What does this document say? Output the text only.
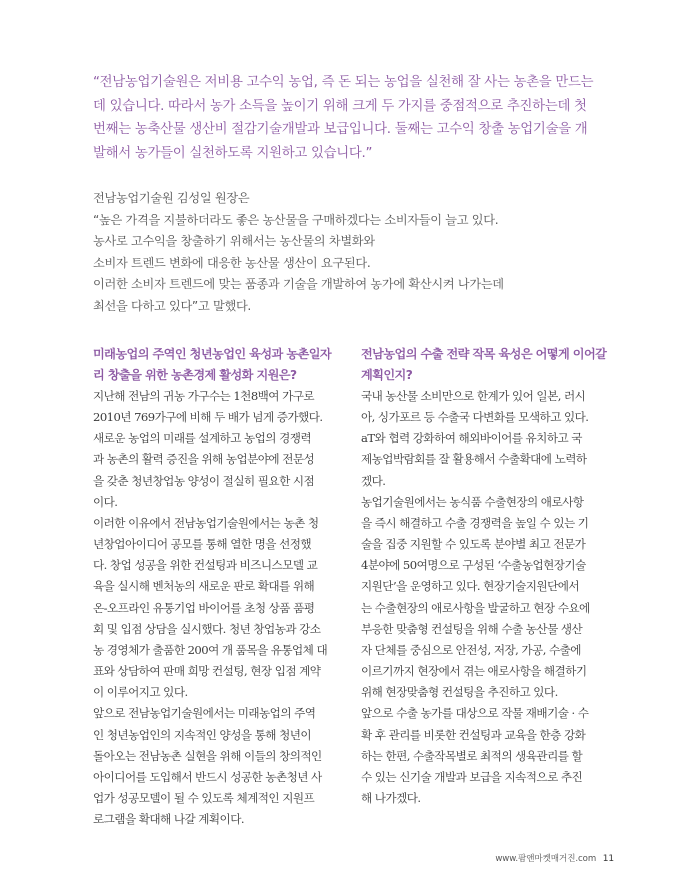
“전남농업기술원은 저비용 고수익 농업, 즉 돈 되는 농업을 실천해 잘 사는 농촌을 만드는
데 있습니다. 따라서 농가 소득을 높이기 위해 크게 두 가지를 중점적으로 추진하는데 첫
번째는 농축산물 생산비 절감기술개발과 보급입니다. 둘째는 고수익 창출 농업기술을 개
발해서 농가들이 실천하도록 지원하고 있습니다.”
전남농업기술원 김성일 원장은
“높은 가격을 지불하더라도 좋은 농산물을 구매하겠다는 소비자들이 늘고 있다.
농사로 고수익을 창출하기 위해서는 농산물의 차별화와
소비자 트렌드 변화에 대응한 농산물 생산이 요구된다.
이러한 소비자 트렌드에 맞는 품종과 기술을 개발하여 농가에 확산시켜 나가는데
최선을 다하고 있다”고 말했다.
미래농업의 주역인 청년농업인 육성과 농촌일자
리 창출을 위한 농촌경제 활성화 지원은?
지난해 전남의 귀농 가구수는 1천8백여 가구로
2010년 769가구에 비해 두 배가 넘게 증가했다.
새로운 농업의 미래를 설계하고 농업의 경쟁력
과 농촌의 활력 증진을 위해 농업분야에 전문성
을 갖춘 청년창업농 양성이 절실히 필요한 시점
이다.
이러한 이유에서 전남농업기술원에서는 농촌 청
년창업아이디어 공모를 통해 열한 명을 선정했
다. 창업 성공을 위한 컨설팅과 비즈니스모델 교
육을 실시해 벤처농의 새로운 판로 확대를 위해
온-오프라인 유통기업 바이어를 초청 상품 품평
회 및 입점 상담을 실시했다. 청년 창업농과 강소
농 경영체가 출품한 200여 개 품목을 유통업체 대
표와 상담하여 판매 희망 컨설팅, 현장 입점 계약
이 이루어지고 있다.
앞으로 전남농업기술원에서는 미래농업의 주역
인 청년농업인의 지속적인 양성을 통해 청년이
돌아오는 전남농촌 실현을 위해 이들의 창의적인
아이디어를 도입해서 반드시 성공한 농촌청년 사
업가 성공모델이 될 수 있도록 체계적인 지원프
로그램을 확대해 나갈 계획이다.
전남농업의 수출 전략 작목 육성은 어떻게 이어갈
계획인지?
국내 농산물 소비만으로 한계가 있어 일본, 러시
아, 싱가포르 등 수출국 다변화를 모색하고 있다.
aT와 협력 강화하여 해외바이어를 유치하고 국
제농업박람회를 잘 활용해서 수출확대에 노력하
겠다.
농업기술원에서는 농식품 수출현장의 애로사항
을 즉시 해결하고 수출 경쟁력을 높일 수 있는 기
술을 집중 지원할 수 있도록 분야별 최고 전문가
4분야에 50여명으로 구성된 ‘수출농업현장기술
지원단’을 운영하고 있다. 현장기술지원단에서
는 수출현장의 애로사항을 발굴하고 현장 수요에
부응한 맞춤형 컨설팅을 위해 수출 농산물 생산
자 단체를 중심으로 안전성, 저장, 가공, 수출에
이르기까지 현장에서 겪는 애로사항을 해결하기
위해 현장맞춤형 컨설팅을 추진하고 있다.
앞으로 수출 농가를 대상으로 작물 재배기술 · 수
확 후 관리를 비롯한 컨설팅과 교육을 한층 강화
하는 한편, 수출작목별로 최적의 생육관리를 할
수 있는 신기술 개발과 보급을 지속적으로 추진
해 나가겠다.
www.팜앤마켓매거진.com 11
